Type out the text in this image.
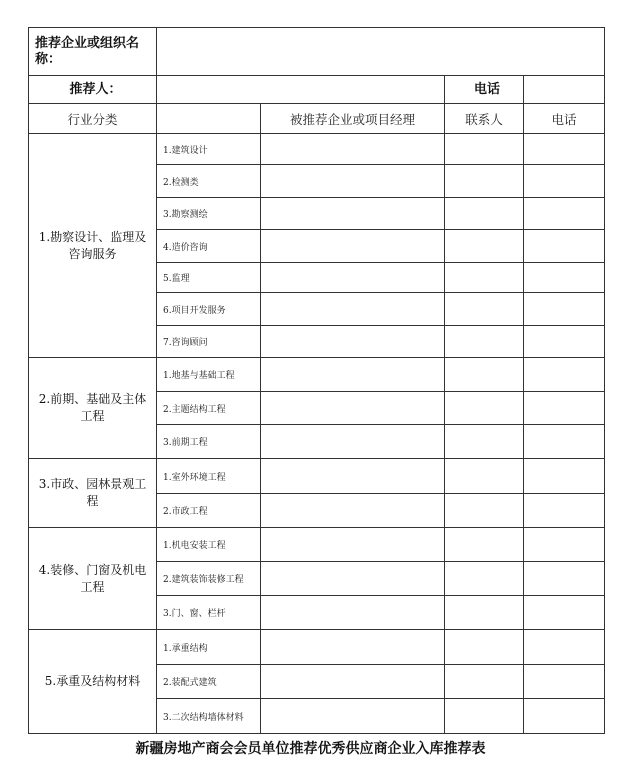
推荐企业或组织名称：				
推荐人：			电话	
行业分类		被推荐企业或项目经理	联系人	电话
1.勘察设计、监理及咨询服务	1.建筑设计			
	2.检测类			
	3.勘察测绘			
	4.造价咨询			
	5.监理			
	6.项目开发服务			
	7.咨询顾问			
2.前期、基础及主体工程	1.地基与基础工程			
	2.主题结构工程			
	3.前期工程			
3.市政、园林景观工程	1.室外环境工程			
	2.市政工程			
4.装修、门窗及机电工程	1.机电安装工程			
	2.建筑装饰装修工程			
	3.门、窗、栏杆			
5.承重及结构材料	1.承重结构			
	2.装配式建筑			
	3.二次结构墙体材料			
新疆房地产商会会员单位推荐优秀供应商企业入库推荐表
